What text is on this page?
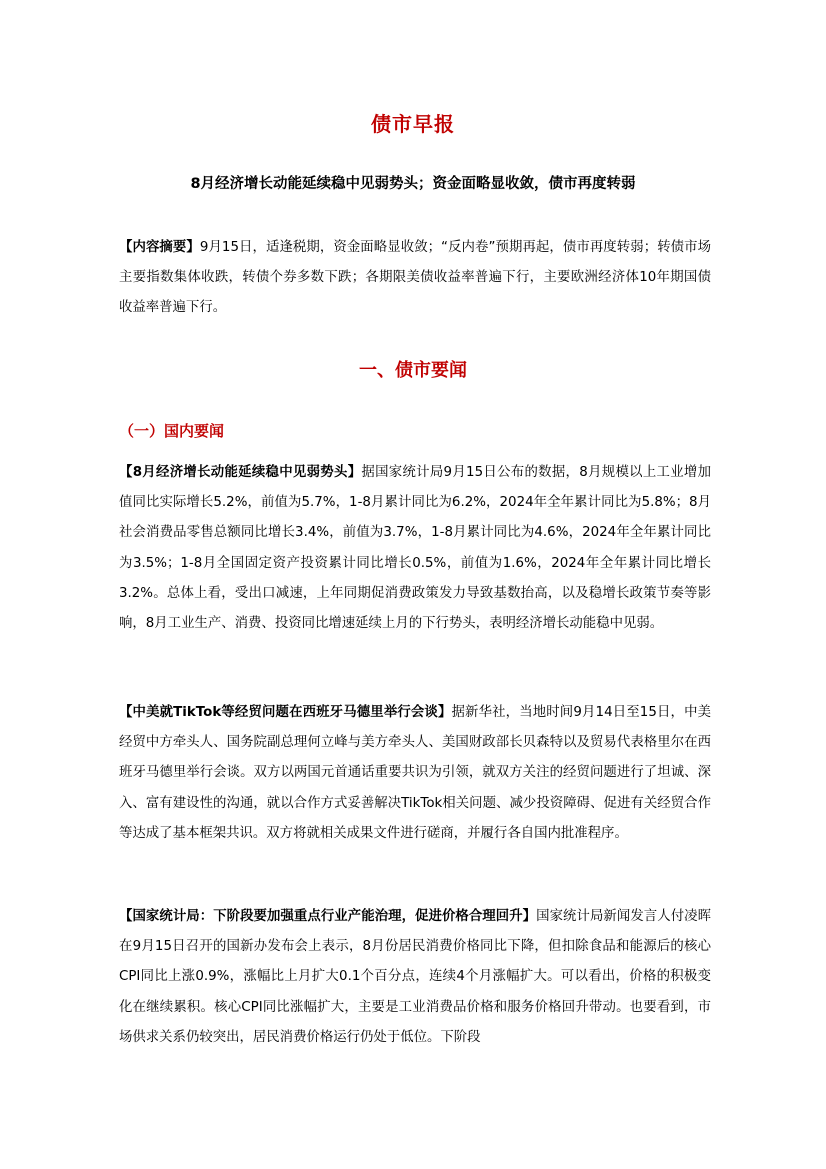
债市早报
8月经济增长动能延续稳中见弱势头；资金面略显收敛，债市再度转弱

【内容摘要】9月15日，适逢税期，资金面略显收敛；“反内卷”预期再起，债市再度转弱；转债市场主要指数集体收跌，转债个券多数下跌；各期限美债收益率普遍下行，主要欧洲经济体10年期国债收益率普遍下行。

一、债市要闻
（一）国内要闻

【8月经济增长动能延续稳中见弱势头】据国家统计局9月15日公布的数据，8月规模以上工业增加值同比实际增长5.2%，前值为5.7%，1-8月累计同比为6.2%，2024年全年累计同比为5.8%；8月社会消费品零售总额同比增长3.4%，前值为3.7%，1-8月累计同比为4.6%，2024年全年累计同比为3.5%；1-8月全国固定资产投资累计同比增长0.5%，前值为1.6%，2024年全年累计同比增长 3.2%。总体上看，受出口减速，上年同期促消费政策发力导致基数抬高，以及稳增长政策节奏等影响，8月工业生产、消费、投资同比增速延续上月的下行势头，表明经济增长动能稳中见弱。

【中美就TikTok等经贸问题在西班牙马德里举行会谈】据新华社，当地时间9月14日至15日，中美经贸中方牵头人、国务院副总理何立峰与美方牵头人、美国财政部长贝森特以及贸易代表格里尔在西班牙马德里举行会谈。双方以两国元首通话重要共识为引领，就双方关注的经贸问题进行了坦诚、深入、富有建设性的沟通，就以合作方式妥善解决TikTok相关问题、减少投资障碍、促进有关经贸合作等达成了基本框架共识。双方将就相关成果文件进行磋商，并履行各自国内批准程序。

【国家统计局：下阶段要加强重点行业产能治理，促进价格合理回升】国家统计局新闻发言人付凌晖在9月15日召开的国新办发布会上表示，8月份居民消费价格同比下降，但扣除食品和能源后的核心CPI同比上涨0.9%，涨幅比上月扩大0.1个百分点，连续4个月涨幅扩大。可以看出，价格的积极变化在继续累积。核心CPI同比涨幅扩大，主要是工业消费品价格和服务价格回升带动。也要看到，市场供求关系仍较突出，居民消费价格运行仍处于低位。下阶段
